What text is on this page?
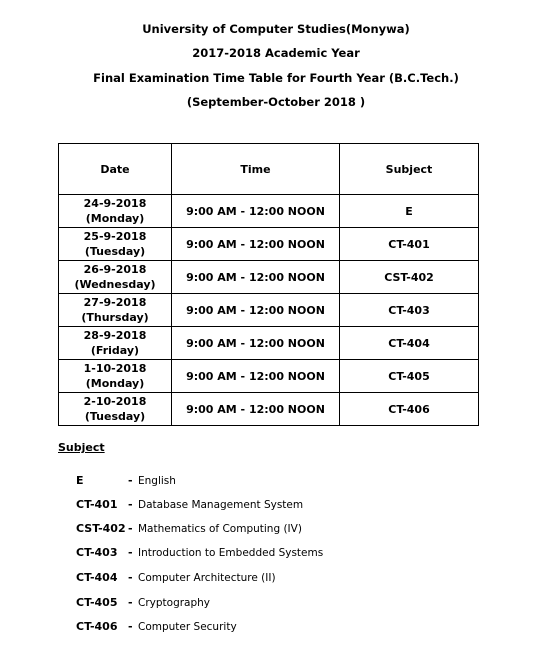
University of Computer Studies(Monywa)
2017-2018 Academic Year
Final Examination Time Table for Fourth Year (B.C.Tech.)
(September-October 2018 )
Date	Time	Subject

24-9-2018
(Monday)	9:00 AM - 12:00 NOON	E

25-9-2018
(Tuesday)	9:00 AM - 12:00 NOON	CT-401

26-9-2018
(Wednesday)	9:00 AM - 12:00 NOON	CST-402

27-9-2018
(Thursday)	9:00 AM - 12:00 NOON	CT-403

28-9-2018
(Friday)	9:00 AM - 12:00 NOON	CT-404

1-10-2018
(Monday)	9:00 AM - 12:00 NOON	CT-405

2-10-2018
(Tuesday)	9:00 AM - 12:00 NOON	CT-406
Subject
E	- English
CT-401 - Database Management System
CST-402 - Mathematics of Computing (IV)
CT-403 - Introduction to Embedded Systems
CT-404 - Computer Architecture (II)
CT-405 - Cryptography
CT-406 - Computer Security
